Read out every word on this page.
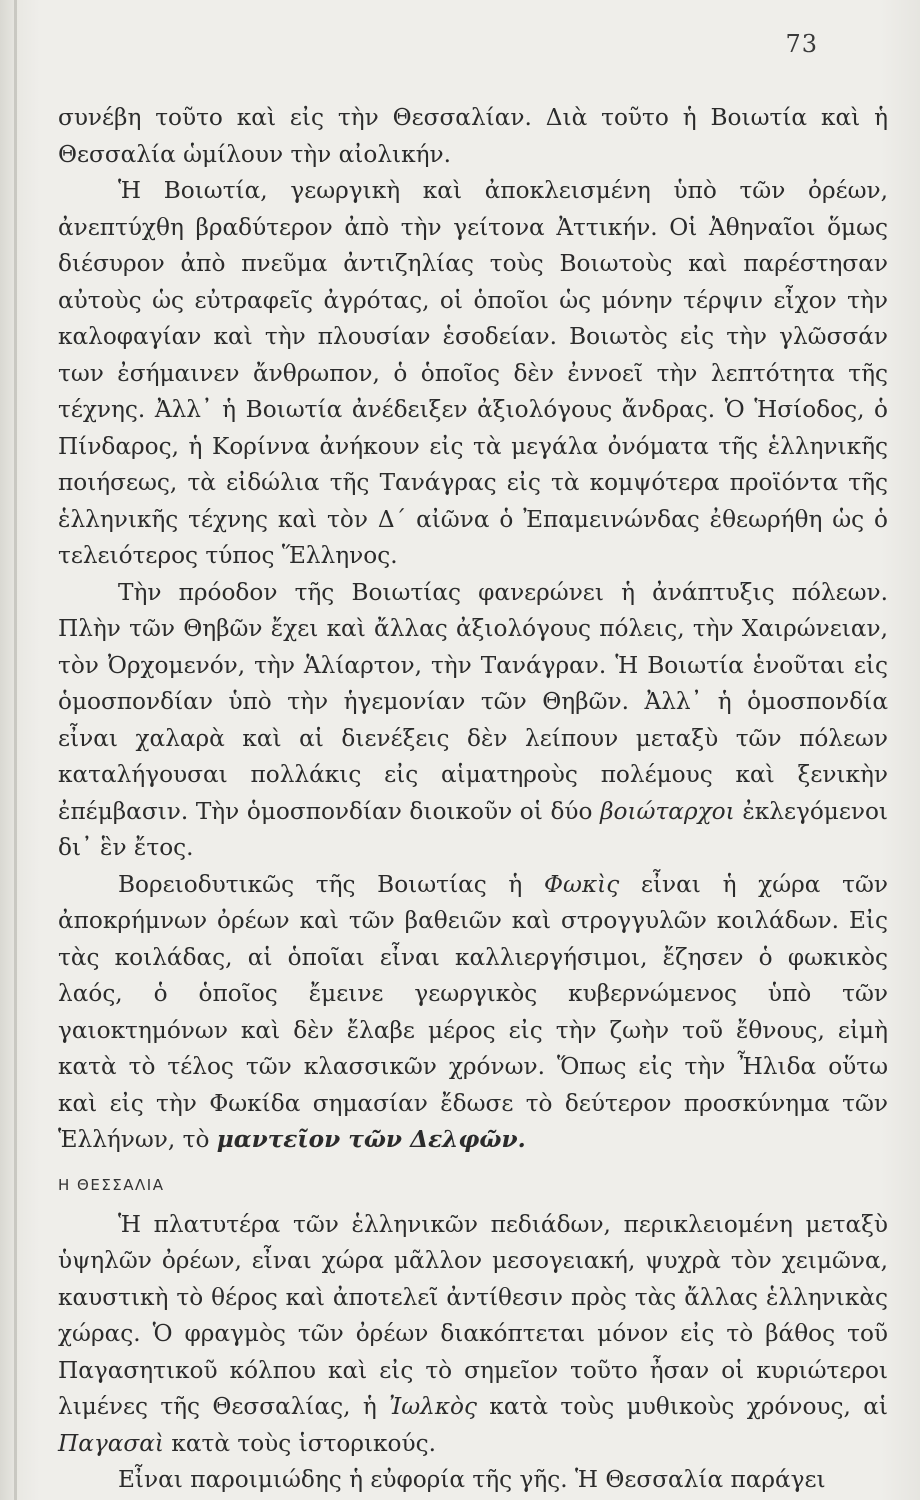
73

συνέβη τοῦτο καὶ εἰς τὴν Θεσσαλίαν. Διὰ τοῦτο ἡ Βοιωτία καὶ ἡ Θεσσαλία ὡμίλουν τὴν αἰολικήν.

Ἡ Βοιωτία, γεωργικὴ καὶ ἀποκλεισμένη ὑπὸ τῶν ὀρέων, ἀνεπτύχθη βραδύτερον ἀπὸ τὴν γείτονα Ἀττικήν. Οἱ Ἀθηναῖοι ὅμως διέσυρον ἀπὸ πνεῦμα ἀντιζηλίας τοὺς Βοιωτοὺς καὶ παρέστησαν αὐτοὺς ὡς εὐτραφεῖς ἀγρότας, οἱ ὁποῖοι ὡς μόνην τέρψιν εἶχον τὴν καλοφαγίαν καὶ τὴν πλουσίαν ἑσοδείαν. Βοιωτὸς εἰς τὴν γλῶσσάν των ἐσήμαινεν ἄνθρωπον, ὁ ὁποῖος δὲν ἐννοεῖ τὴν λεπτότητα τῆς τέχνης. Ἀλλ᾽ ἡ Βοιωτία ἀνέδειξεν ἀξιολόγους ἄνδρας. Ὁ Ἡσίοδος, ὁ Πίνδαρος, ἡ Κορίννα ἀνήκουν εἰς τὰ μεγάλα ὀνόματα τῆς ἑλληνικῆς ποιήσεως, τὰ εἰδώλια τῆς Τανάγρας εἰς τὰ κομψότερα προϊόντα τῆς ἑλληνικῆς τέχνης καὶ τὸν Δ´ αἰῶνα ὁ Ἐπαμεινώνδας ἐθεωρήθη ὡς ὁ τελειότερος τύπος Ἕλληνος.

Τὴν πρόοδον τῆς Βοιωτίας φανερώνει ἡ ἀνάπτυξις πόλεων. Πλὴν τῶν Θηβῶν ἔχει καὶ ἄλλας ἀξιολόγους πόλεις, τὴν Χαιρώνειαν, τὸν Ὀρχομενόν, τὴν Ἁλίαρτον, τὴν Τανάγραν. Ἡ Βοιωτία ἑνοῦται εἰς ὁμοσπονδίαν ὑπὸ τὴν ἡγεμονίαν τῶν Θηβῶν. Ἀλλ᾽ ἡ ὁμοσπονδία εἶναι χαλαρὰ καὶ αἱ διενέξεις δὲν λείπουν μεταξὺ τῶν πόλεων καταλήγουσαι πολλάκις εἰς αἱματηροὺς πολέμους καὶ ξενικὴν ἐπέμβασιν. Τὴν ὁμοσπονδίαν διοικοῦν οἱ δύο βοιώταρχοι ἐκλεγόμενοι δι᾽ ἓν ἔτος.

Βορειοδυτικῶς τῆς Βοιωτίας ἡ Φωκὶς εἶναι ἡ χώρα τῶν ἀποκρήμνων ὀρέων καὶ τῶν βαθειῶν καὶ στρογγυλῶν κοιλάδων. Εἰς τὰς κοιλάδας, αἱ ὁποῖαι εἶναι καλλιεργήσιμοι, ἔζησεν ὁ φωκικὸς λαός, ὁ ὁποῖος ἔμεινε γεωργικὸς κυβερνώμενος ὑπὸ τῶν γαιοκτημόνων καὶ δὲν ἔλαβε μέρος εἰς τὴν ζωὴν τοῦ ἔθνους, εἰμὴ κατὰ τὸ τέλος τῶν κλασσικῶν χρόνων. Ὅπως εἰς τὴν Ἦλιδα οὕτω καὶ εἰς τὴν Φωκίδα σημασίαν ἔδωσε τὸ δεύτερον προσκύνημα τῶν Ἑλλήνων, τὸ μαντεῖον τῶν Δελφῶν.

Η ΘΕΣΣΑΛΙΑ

Ἡ πλατυτέρα τῶν ἑλληνικῶν πεδιάδων, περικλειομένη μεταξὺ ὑψηλῶν ὀρέων, εἶναι χώρα μᾶλλον μεσογειακή, ψυχρὰ τὸν χειμῶνα, καυστικὴ τὸ θέρος καὶ ἀποτελεῖ ἀντίθεσιν πρὸς τὰς ἄλλας ἑλληνικὰς χώρας. Ὁ φραγμὸς τῶν ὀρέων διακόπτεται μόνον εἰς τὸ βάθος τοῦ Παγασητικοῦ κόλπου καὶ εἰς τὸ σημεῖον τοῦτο ἦσαν οἱ κυριώτεροι λιμένες τῆς Θεσσαλίας, ἡ Ἰωλκὸς κατὰ τοὺς μυθικοὺς χρόνους, αἱ Παγασαὶ κατὰ τοὺς ἱστορικούς.

Εἶναι παροιμιώδης ἡ εὐφορία τῆς γῆς. Ἡ Θεσσαλία παράγει
